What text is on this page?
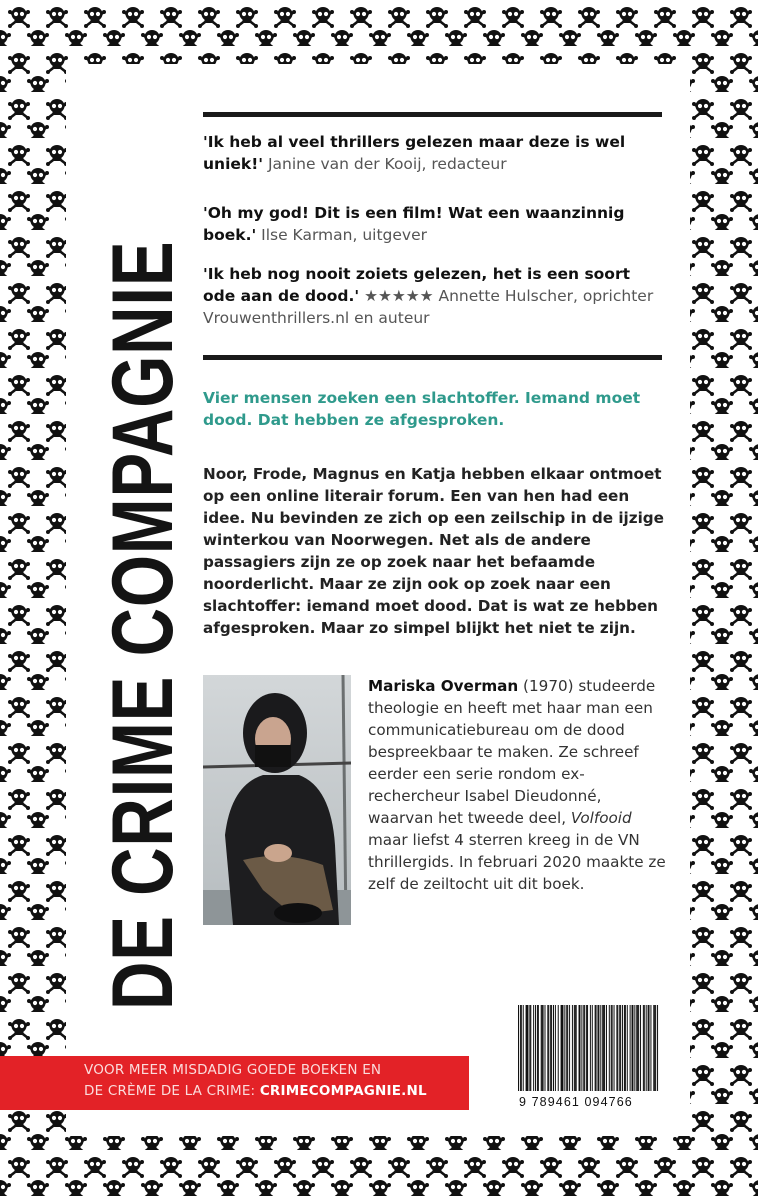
DE CRIME COMPAGNIE
'Ik heb al veel thrillers gelezen maar deze is wel uniek!' Janine van der Kooij, redacteur
'Oh my god! Dit is een film! Wat een waanzinnig boek.' Ilse Karman, uitgever
'Ik heb nog nooit zoiets gelezen, het is een soort ode aan de dood.' ★★★★★ Annette Hulscher, oprichter Vrouwenthrillers.nl en auteur
Vier mensen zoeken een slachtoffer. Iemand moet dood. Dat hebben ze afgesproken.
Noor, Frode, Magnus en Katja hebben elkaar ontmoet op een online literair forum. Een van hen had een idee. Nu bevinden ze zich op een zeilschip in de ijzige winterkou van Noorwegen. Net als de andere passagiers zijn ze op zoek naar het befaamde noorderlicht. Maar ze zijn ook op zoek naar een slachtoffer: iemand moet dood. Dat is wat ze hebben afgesproken. Maar zo simpel blijkt het niet te zijn.
Mariska Overman (1970) studeerde theologie en heeft met haar man een communicatiebureau om de dood bespreekbaar te maken. Ze schreef eerder een serie rondom ex-rechercheur Isabel Dieudonné, waarvan het tweede deel, Volfooid maar liefst 4 sterren kreeg in de VN thrillergids. In februari 2020 maakte ze zelf de zeiltocht uit dit boek.
VOOR MEER MISDADIG GOEDE BOEKEN EN
DE CRÈME DE LA CRIME: CRIMECOMPAGNIE.NL
9 789461 094766
